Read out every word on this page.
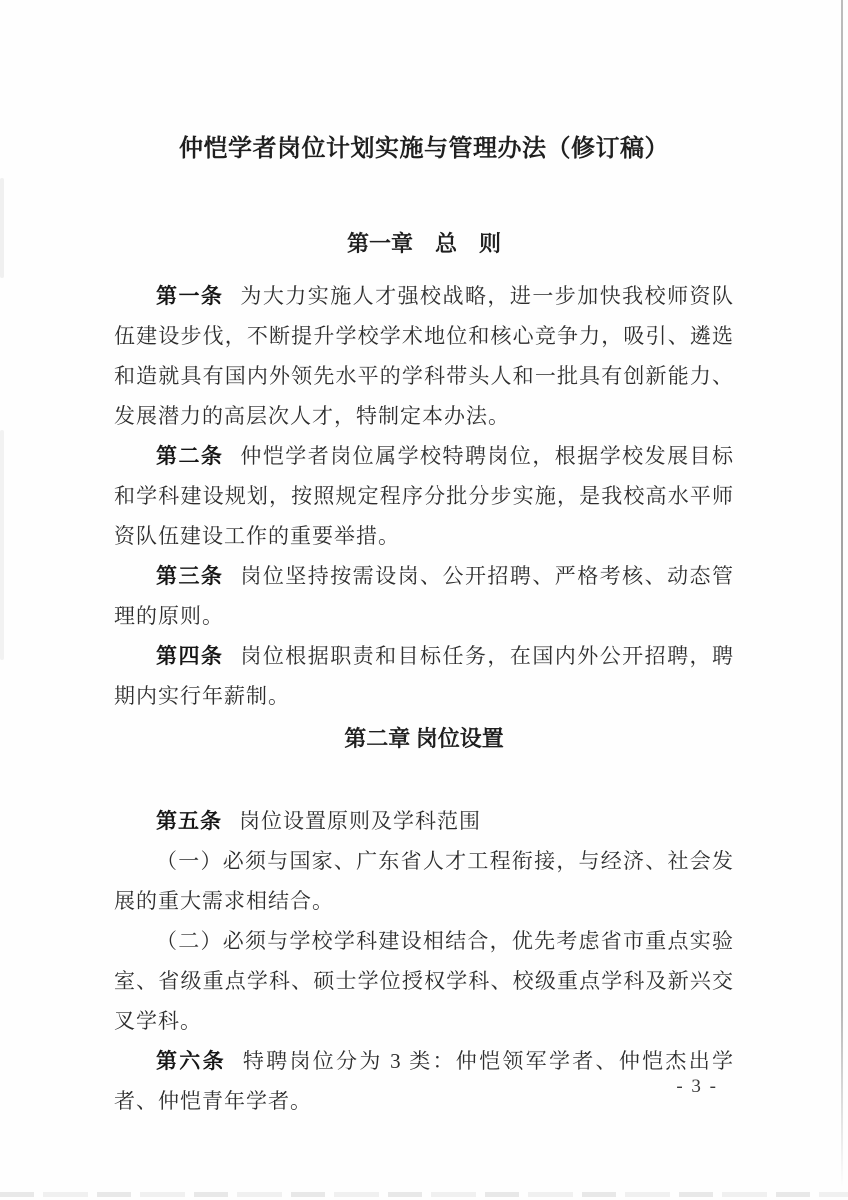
仲恺学者岗位计划实施与管理办法（修订稿）
第一章　总　则

第一条 为大力实施人才强校战略，进一步加快我校师资队伍建设步伐，不断提升学校学术地位和核心竞争力，吸引、遴选和造就具有国内外领先水平的学科带头人和一批具有创新能力、发展潜力的高层次人才，特制定本办法。

第二条 仲恺学者岗位属学校特聘岗位，根据学校发展目标和学科建设规划，按照规定程序分批分步实施，是我校高水平师资队伍建设工作的重要举措。

第三条 岗位坚持按需设岗、公开招聘、严格考核、动态管理的原则。

第四条 岗位根据职责和目标任务，在国内外公开招聘，聘期内实行年薪制。

第二章 岗位设置

第五条 岗位设置原则及学科范围

（一）必须与国家、广东省人才工程衔接，与经济、社会发展的重大需求相结合。

（二）必须与学校学科建设相结合，优先考虑省市重点实验室、省级重点学科、硕士学位授权学科、校级重点学科及新兴交叉学科。

第六条 特聘岗位分为 3 类：仲恺领军学者、仲恺杰出学者、仲恺青年学者。

- 3 -
